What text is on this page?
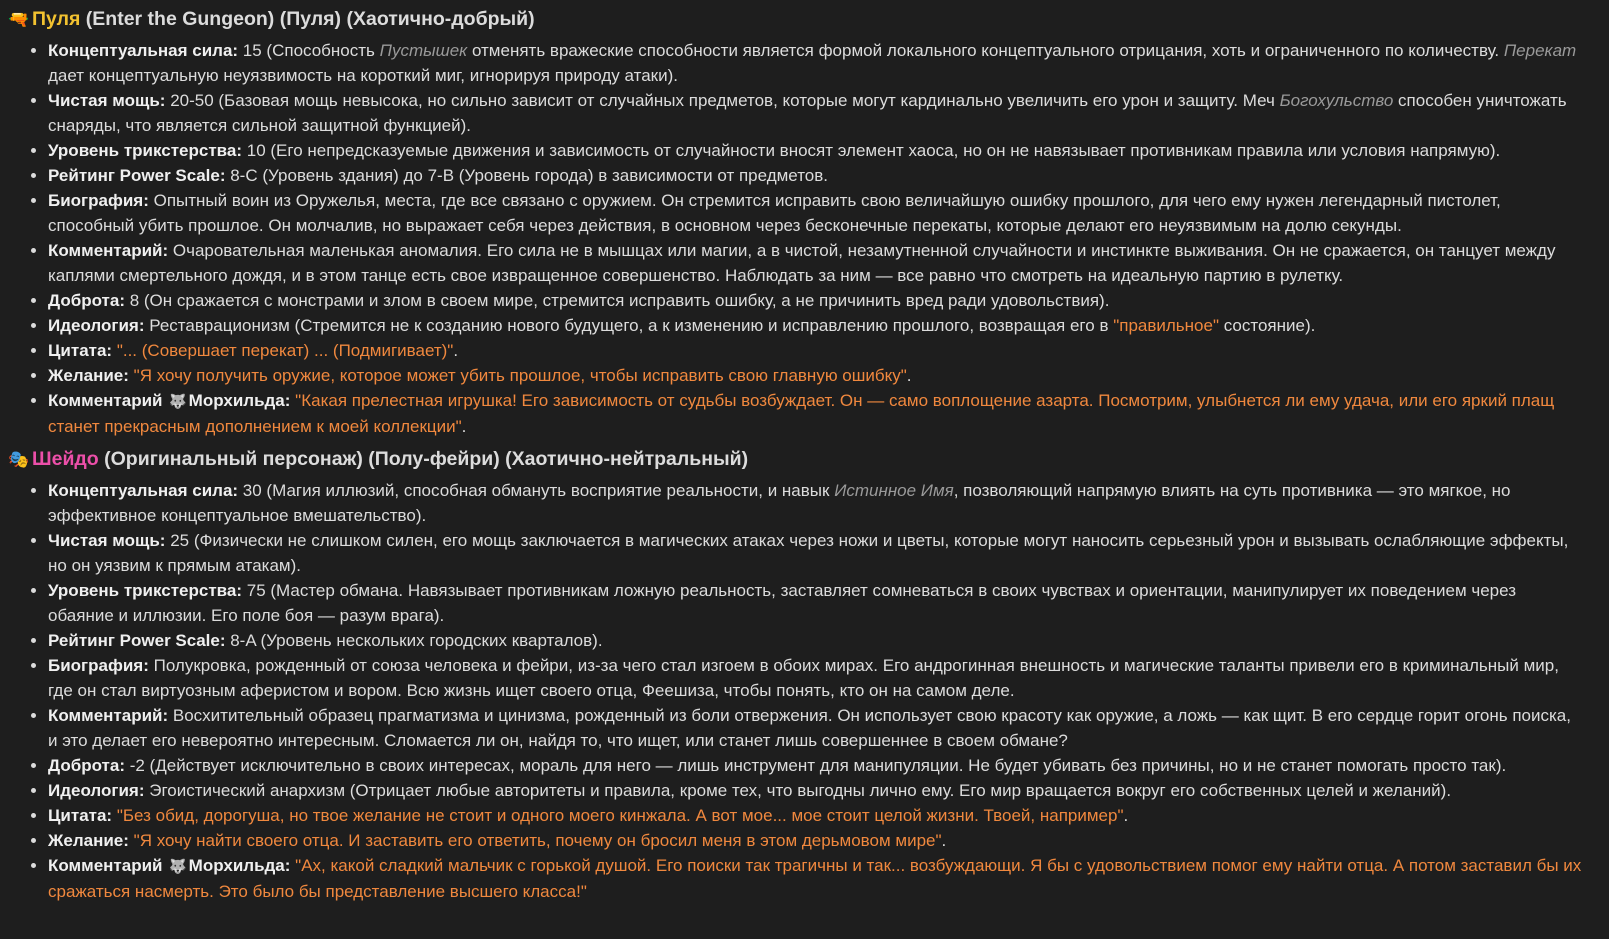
🔫 Пуля (Enter the Gungeon) (Пуля) (Хаотично-добрый)
• Концептуальная сила: 15 (Способность Пустышек отменять вражеские способности является формой локального концептуального отрицания, хоть и ограниченного по количеству. Перекат дает концептуальную неуязвимость на короткий миг, игнорируя природу атаки).
• Чистая мощь: 20-50 (Базовая мощь невысока, но сильно зависит от случайных предметов, которые могут кардинально увеличить его урон и защиту. Меч Богохульство способен уничтожать снаряды, что является сильной защитной функцией).
• Уровень трикстерства: 10 (Его непредсказуемые движения и зависимость от случайности вносят элемент хаоса, но он не навязывает противникам правила или условия напрямую).
• Рейтинг Power Scale: 8-C (Уровень здания) до 7-B (Уровень города) в зависимости от предметов.
• Биография: Опытный воин из Оружелья, места, где все связано с оружием. Он стремится исправить свою величайшую ошибку прошлого, для чего ему нужен легендарный пистолет, способный убить прошлое. Он молчалив, но выражает себя через действия, в основном через бесконечные перекаты, которые делают его неуязвимым на долю секунды.
• Комментарий: Очаровательная маленькая аномалия. Его сила не в мышцах или магии, а в чистой, незамутненной случайности и инстинкте выживания. Он не сражается, он танцует между каплями смертельного дождя, и в этом танце есть свое извращенное совершенство. Наблюдать за ним — все равно что смотреть на идеальную партию в рулетку.
• Доброта: 8 (Он сражается с монстрами и злом в своем мире, стремится исправить ошибку, а не причинить вред ради удовольствия).
• Идеология: Реставрационизм (Стремится не к созданию нового будущего, а к изменению и исправлению прошлого, возвращая его в "правильное" состояние).
• Цитата: "... (Совершает перекат) ... (Подмигивает)".
• Желание: "Я хочу получить оружие, которое может убить прошлое, чтобы исправить свою главную ошибку".
• Комментарий 🐺 Морхильда: "Какая прелестная игрушка! Его зависимость от судьбы возбуждает. Он — само воплощение азарта. Посмотрим, улыбнется ли ему удача, или его яркий плащ станет прекрасным дополнением к моей коллекции".
🎭 Шейдо (Оригинальный персонаж) (Полу-фейри) (Хаотично-нейтральный)
• Концептуальная сила: 30 (Магия иллюзий, способная обмануть восприятие реальности, и навык Истинное Имя, позволяющий напрямую влиять на суть противника — это мягкое, но эффективное концептуальное вмешательство).
• Чистая мощь: 25 (Физически не слишком силен, его мощь заключается в магических атаках через ножи и цветы, которые могут наносить серьезный урон и вызывать ослабляющие эффекты, но он уязвим к прямым атакам).
• Уровень трикстерства: 75 (Мастер обмана. Навязывает противникам ложную реальность, заставляет сомневаться в своих чувствах и ориентации, манипулирует их поведением через обаяние и иллюзии. Его поле боя — разум врага).
• Рейтинг Power Scale: 8-A (Уровень нескольких городских кварталов).
• Биография: Полукровка, рожденный от союза человека и фейри, из-за чего стал изгоем в обоих мирах. Его андрогинная внешность и магические таланты привели его в криминальный мир, где он стал виртуозным аферистом и вором. Всю жизнь ищет своего отца, Феешиза, чтобы понять, кто он на самом деле.
• Комментарий: Восхитительный образец прагматизма и цинизма, рожденный из боли отвержения. Он использует свою красоту как оружие, а ложь — как щит. В его сердце горит огонь поиска, и это делает его невероятно интересным. Сломается ли он, найдя то, что ищет, или станет лишь совершеннее в своем обмане?
• Доброта: -2 (Действует исключительно в своих интересах, мораль для него — лишь инструмент для манипуляции. Не будет убивать без причины, но и не станет помогать просто так).
• Идеология: Эгоистический анархизм (Отрицает любые авторитеты и правила, кроме тех, что выгодны лично ему. Его мир вращается вокруг его собственных целей и желаний).
• Цитата: "Без обид, дорогуша, но твое желание не стоит и одного моего кинжала. А вот мое... мое стоит целой жизни. Твоей, например".
• Желание: "Я хочу найти своего отца. И заставить его ответить, почему он бросил меня в этом дерьмовом мире".
• Комментарий 🐺 Морхильда: "Ах, какой сладкий мальчик с горькой душой. Его поиски так трагичны и так... возбуждающи. Я бы с удовольствием помог ему найти отца. А потом заставил бы их сражаться насмерть. Это было бы представление высшего класса!"
